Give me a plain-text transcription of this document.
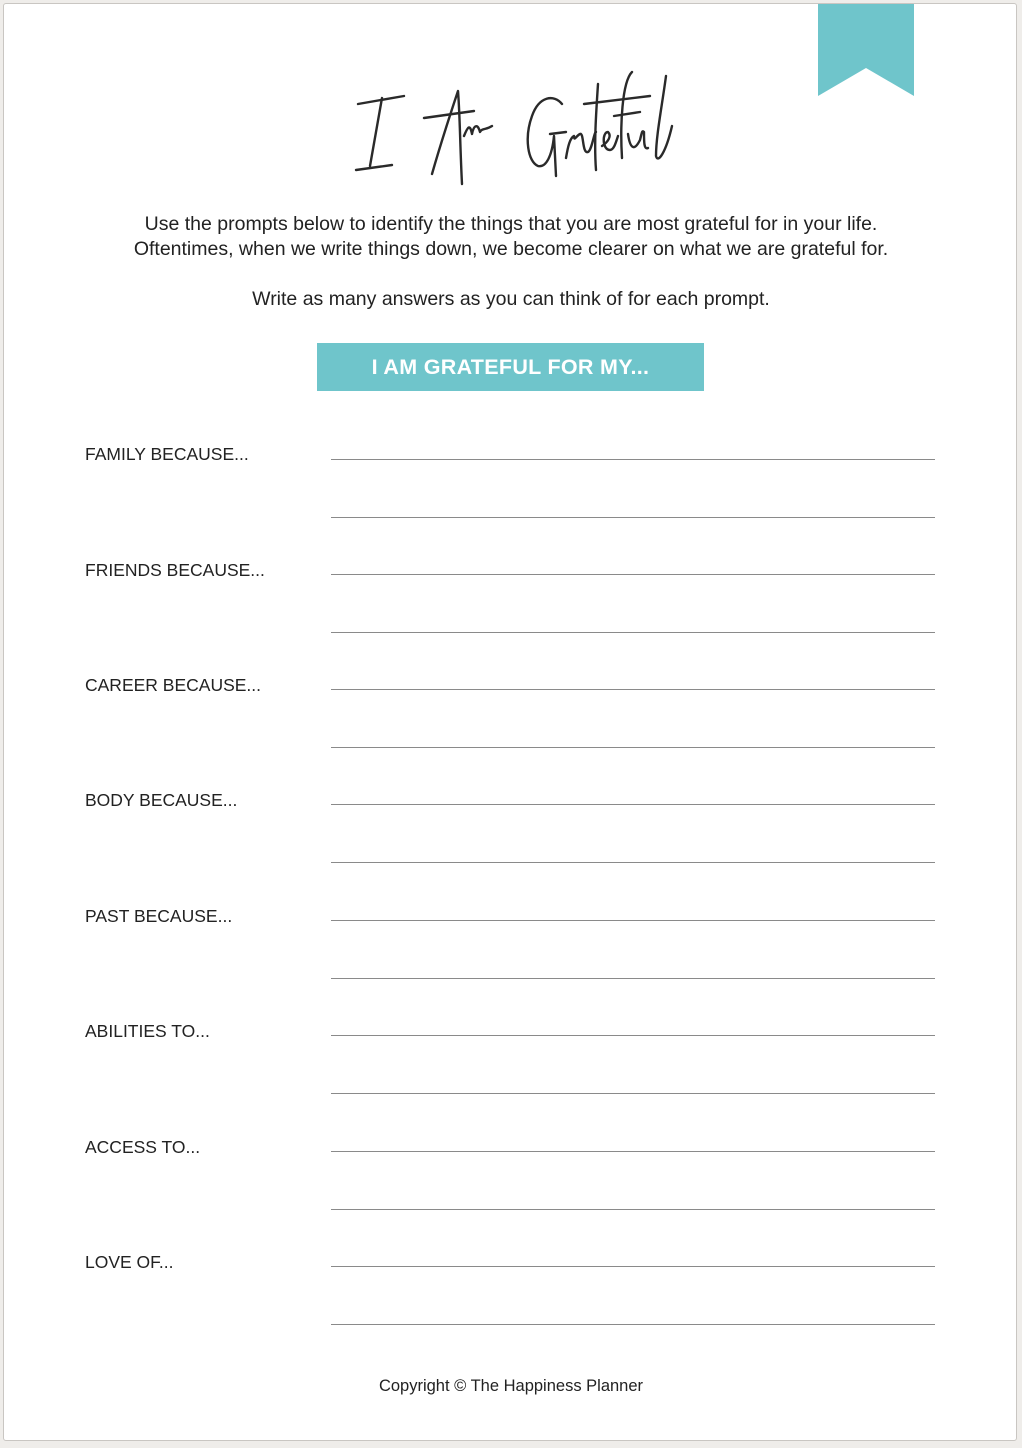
Use the prompts below to identify the things that you are most grateful for in your life.

Oftentimes, when we write things down, we become clearer on what we are grateful for.

Write as many answers as you can think of for each prompt.

I AM GRATEFUL FOR MY...
FAMILY BECAUSE...
FRIENDS BECAUSE...
CAREER BECAUSE...
BODY BECAUSE...
PAST BECAUSE...
ABILITIES TO...
ACCESS TO...
LOVE OF...
Copyright © The Happiness Planner
